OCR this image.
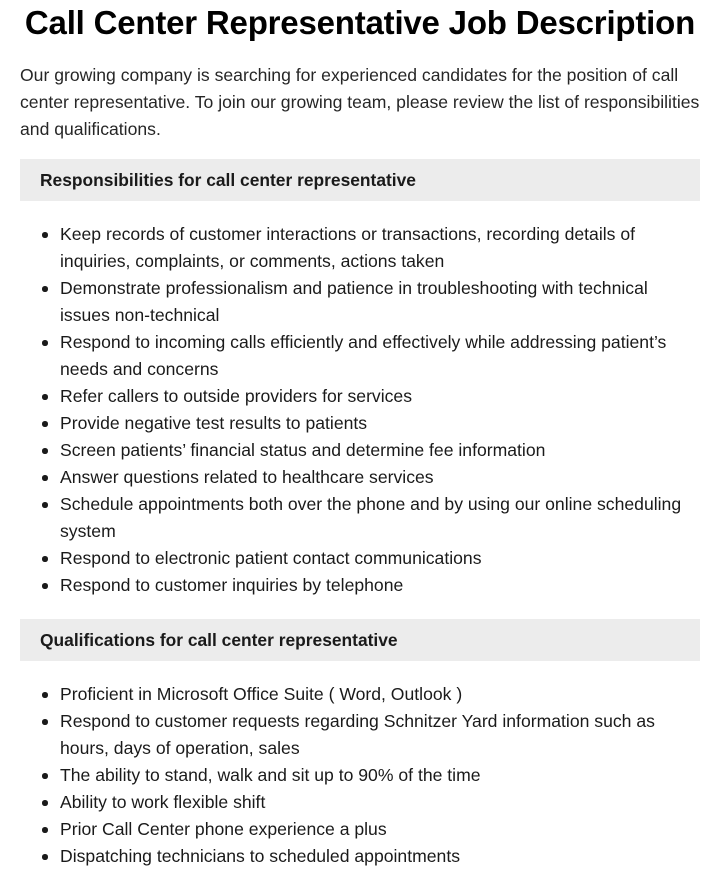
Call Center Representative Job Description

Our growing company is searching for experienced candidates for the position of call center representative. To join our growing team, please review the list of responsibilities and qualifications.

Responsibilities for call center representative
Keep records of customer interactions or transactions, recording details of inquiries, complaints, or comments, actions taken
Demonstrate professionalism and patience in troubleshooting with technical issues non-technical
Respond to incoming calls efficiently and effectively while addressing patient’s needs and concerns
Refer callers to outside providers for services
Provide negative test results to patients
Screen patients’ financial status and determine fee information
Answer questions related to healthcare services
Schedule appointments both over the phone and by using our online scheduling system
Respond to electronic patient contact communications
Respond to customer inquiries by telephone
Qualifications for call center representative
Proficient in Microsoft Office Suite ( Word, Outlook )
Respond to customer requests regarding Schnitzer Yard information such as hours, days of operation, sales
The ability to stand, walk and sit up to 90% of the time
Ability to work flexible shift
Prior Call Center phone experience a plus
Dispatching technicians to scheduled appointments
